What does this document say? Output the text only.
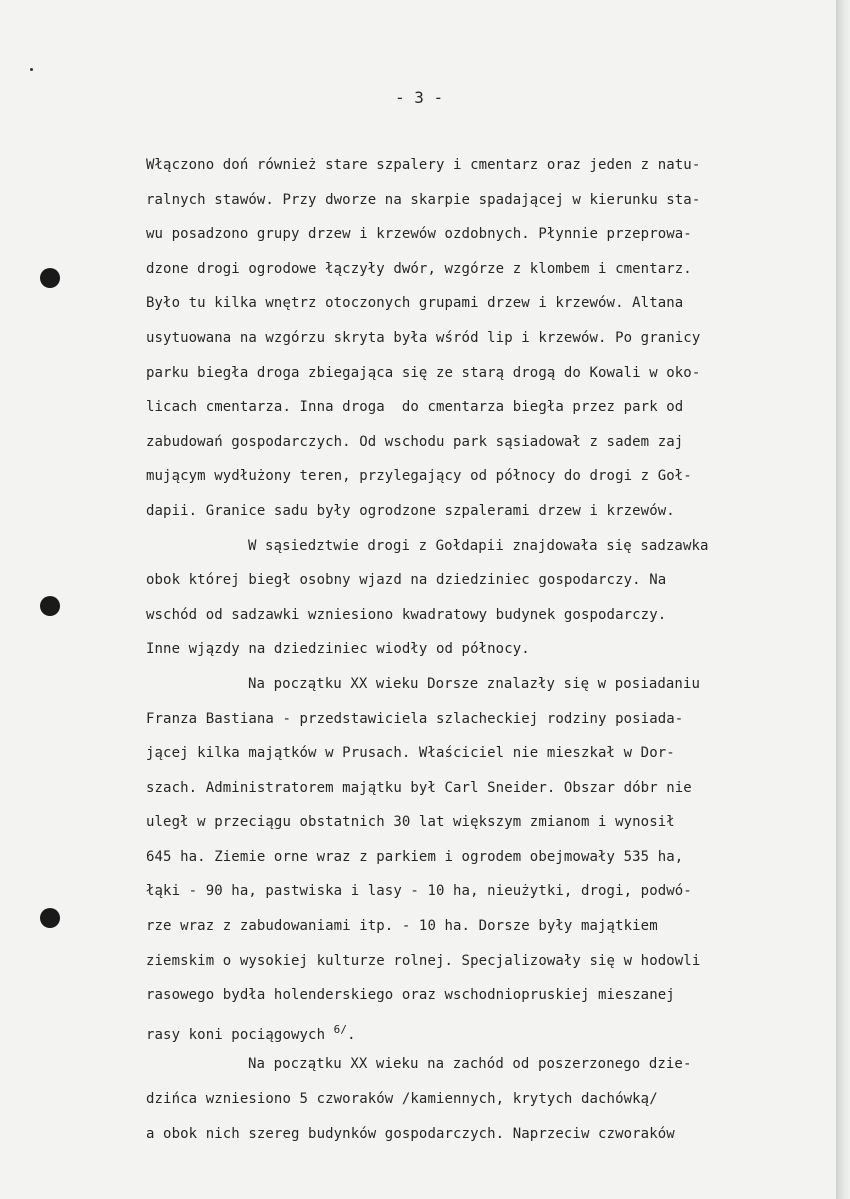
- 3 -
Włączono doń również stare szpalery i cmentarz oraz jeden z natu-
ralnych stawów. Przy dworze na skarpie spadającej w kierunku sta-
wu posadzono grupy drzew i krzewów ozdobnych. Płynnie przeprowa-
dzone drogi ogrodowe łączyły dwór, wzgórze z klombem i cmentarz.
Było tu kilka wnętrz otoczonych grupami drzew i krzewów. Altana
usytuowana na wzgórzu skryta była wśród lip i krzewów. Po granicy
parku biegła droga zbiegająca się ze starą drogą do Kowali w oko-
licach cmentarza. Inna droga  do cmentarza biegła przez park od
zabudowań gospodarczych. Od wschodu park sąsiadował z sadem zaj
mującym wydłużony teren, przylegający od północy do drogi z Goł-
dapii. Granice sadu były ogrodzone szpalerami drzew i krzewów.
W sąsiedztwie drogi z Gołdapii znajdowała się sadzawka
obok której biegł osobny wjazd na dziedziniec gospodarczy. Na
wschód od sadzawki wzniesiono kwadratowy budynek gospodarczy.
Inne wjązdy na dziedziniec wiodły od północy.
Na początku XX wieku Dorsze znalazły się w posiadaniu
Franza Bastiana - przedstawiciela szlacheckiej rodziny posiada-
jącej kilka majątków w Prusach. Właściciel nie mieszkał w Dor-
szach. Administratorem majątku był Carl Sneider. Obszar dóbr nie
uległ w przeciągu obstatnich 30 lat większym zmianom i wynosił
645 ha. Ziemie orne wraz z parkiem i ogrodem obejmowały 535 ha,
łąki - 90 ha, pastwiska i lasy - 10 ha, nieużytki, drogi, podwó-
rze wraz z zabudowaniami itp. - 10 ha. Dorsze były majątkiem
ziemskim o wysokiej kulturze rolnej. Specjalizowały się w hodowli
rasowego bydła holenderskiego oraz wschodniopruskiej mieszanej
rasy koni pociągowych $^{6/}$.
Na początku XX wieku na zachód od poszerzonego dzie-
dzińca wzniesiono 5 czworaków /kamiennych, krytych dachówką/
a obok nich szereg budynków gospodarczych. Naprzeciw czworaków
